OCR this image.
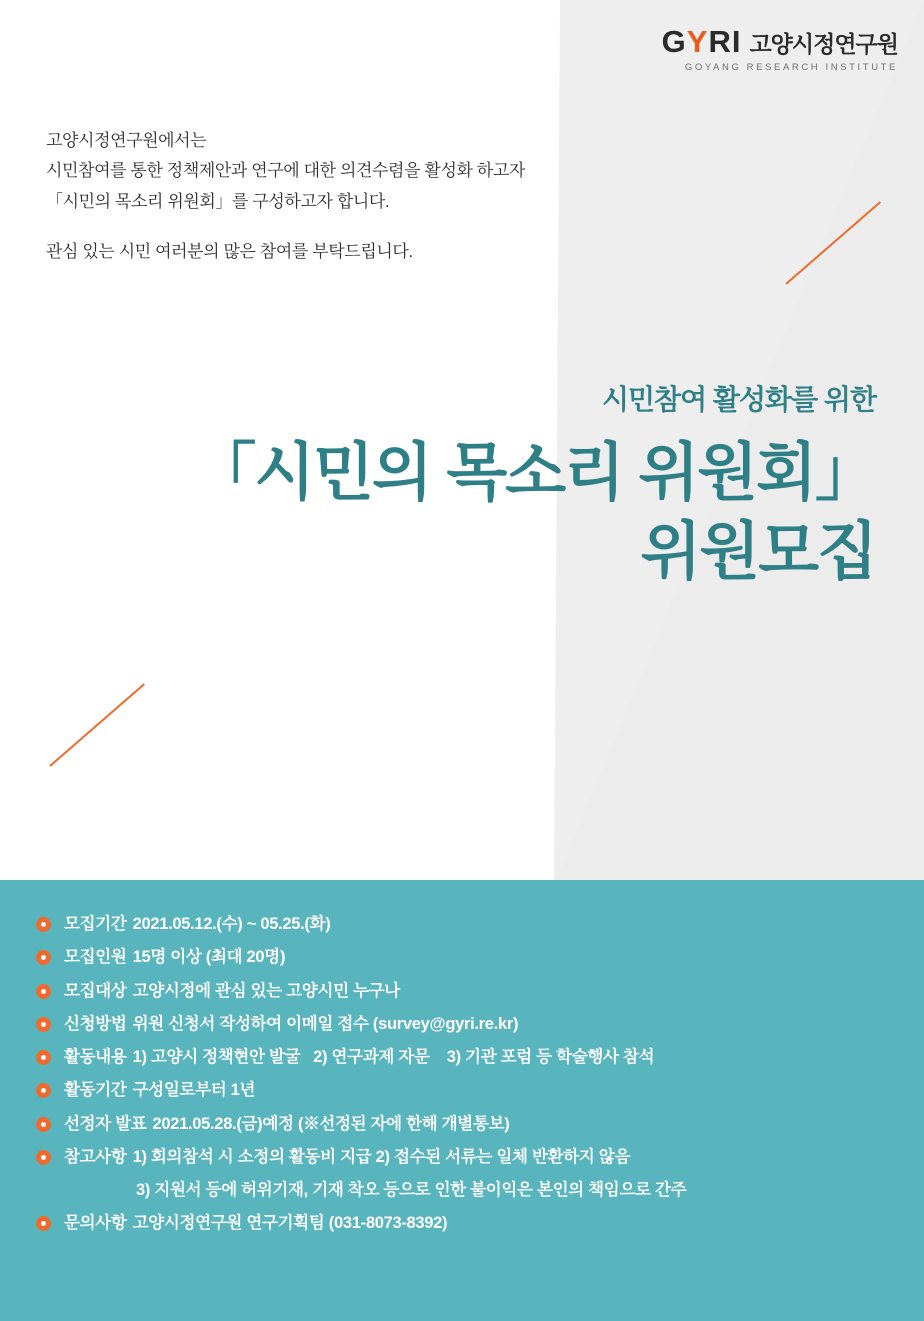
GYRI 고양시정연구원
GOYANG RESEARCH INSTITUTE
고양시정연구원에서는
시민참여를 통한 정책제안과 연구에 대한 의견수렴을 활성화 하고자
「시민의 목소리 위원회」를 구성하고자 합니다.
관심 있는 시민 여러분의 많은 참여를 부탁드립니다.
시민참여 활성화를 위한
「시민의 목소리 위원회」
위원모집
모집기간 2021.05.12.(수) ~ 05.25.(화)
모집인원 15명 이상 (최대 20명)
모집대상 고양시정에 관심 있는 고양시민 누구나
신청방법 위원 신청서 작성하여 이메일 접수 (survey@gyri.re.kr)
활동내용 1) 고양시 정책현안 발굴   2) 연구과제 자문    3) 기관 포럼 등 학술행사 참석
활동기간 구성일로부터 1년
선정자 발표 2021.05.28.(금)예정 (※선정된 자에 한해 개별통보)
참고사항 1) 회의참석 시 소정의 활동비 지급 2) 접수된 서류는 일체 반환하지 않음
3) 지원서 등에 허위기재, 기재 착오 등으로 인한 불이익은 본인의 책임으로 간주
문의사항 고양시정연구원 연구기획팀 (031-8073-8392)
